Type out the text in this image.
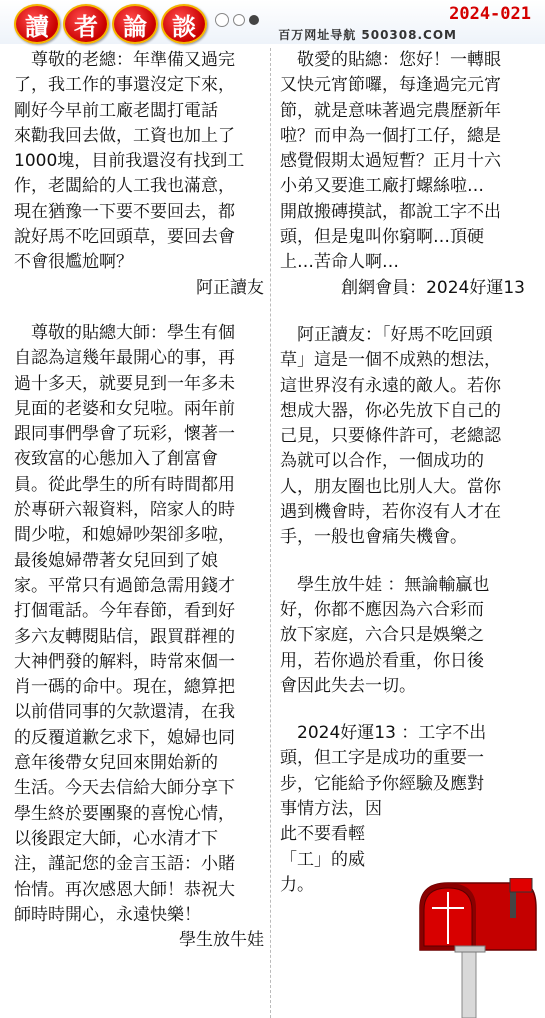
讀	者	論	談	2024-021
百万网址导航 500308.COM

　尊敬的老總：年準備又過完

了，我工作的事還沒定下來，

剛好今早前工廠老闆打電話

來勸我回去做，工資也加上了

1000塊，目前我還沒有找到工

作，老闆給的人工我也滿意，

現在猶豫一下要不要回去，都

說好馬不吃回頭草，要回去會

不會很尷尬啊？

阿正讀友

　尊敬的貼總大師：學生有個

自認為這幾年最開心的事，再

過十多天，就要見到一年多未

見面的老婆和女兒啦。兩年前

跟同事們學會了玩彩，懷著一

夜致富的心態加入了創富會

員。從此學生的所有時間都用

於專研六報資料，陪家人的時

間少啦，和媳婦吵架卻多啦，

最後媳婦帶著女兒回到了娘

家。平常只有過節急需用錢才

打個電話。今年春節，看到好

多六友轉閱貼信，跟買群裡的

大神們發的解料，時常來個一

肖一碼的命中。現在，總算把

以前借同事的欠款還清，在我

的反覆道歉乞求下，媳婦也同

意年後帶女兒回來開始新的

生活。今天去信給大師分享下

學生終於要團聚的喜悅心情，

以後跟定大師，心水清才下

注，謹記您的金言玉語：小賭

怡情。再次感恩大師！恭祝大

師時時開心，永遠快樂！

學生放牛娃

　敬愛的貼總：您好！一轉眼

又快元宵節囉，每逢過完元宵

節，就是意味著過完農歷新年

啦？而申為一個打工仔，總是

感覺假期太過短暫？正月十六

小弟又要進工廠打螺絲啦…

開啟搬磚摸試，都說工字不出

頭，但是鬼叫你窮啊…頂硬

上…苦命人啊…

創網會員：2024好運13

　阿正讀友：「好馬不吃回頭

草」這是一個不成熟的想法，

這世界沒有永遠的敵人。若你

想成大器，你必先放下自己的

己見，只要條件許可，老總認

為就可以合作，一個成功的

人，朋友圈也比別人大。當你

遇到機會時，若你沒有人才在

手，一般也會痛失機會。

　學生放牛娃 ：無論輸贏也

好，你都不應因為六合彩而

放下家庭，六合只是娛樂之

用，若你過於看重，你日後

會因此失去一切。

　2024好運13 ：工字不出

頭，但工字是成功的重要一

步，它能給予你經驗及應對

事情方法，因

此不要看輕

「工」的威

力。
